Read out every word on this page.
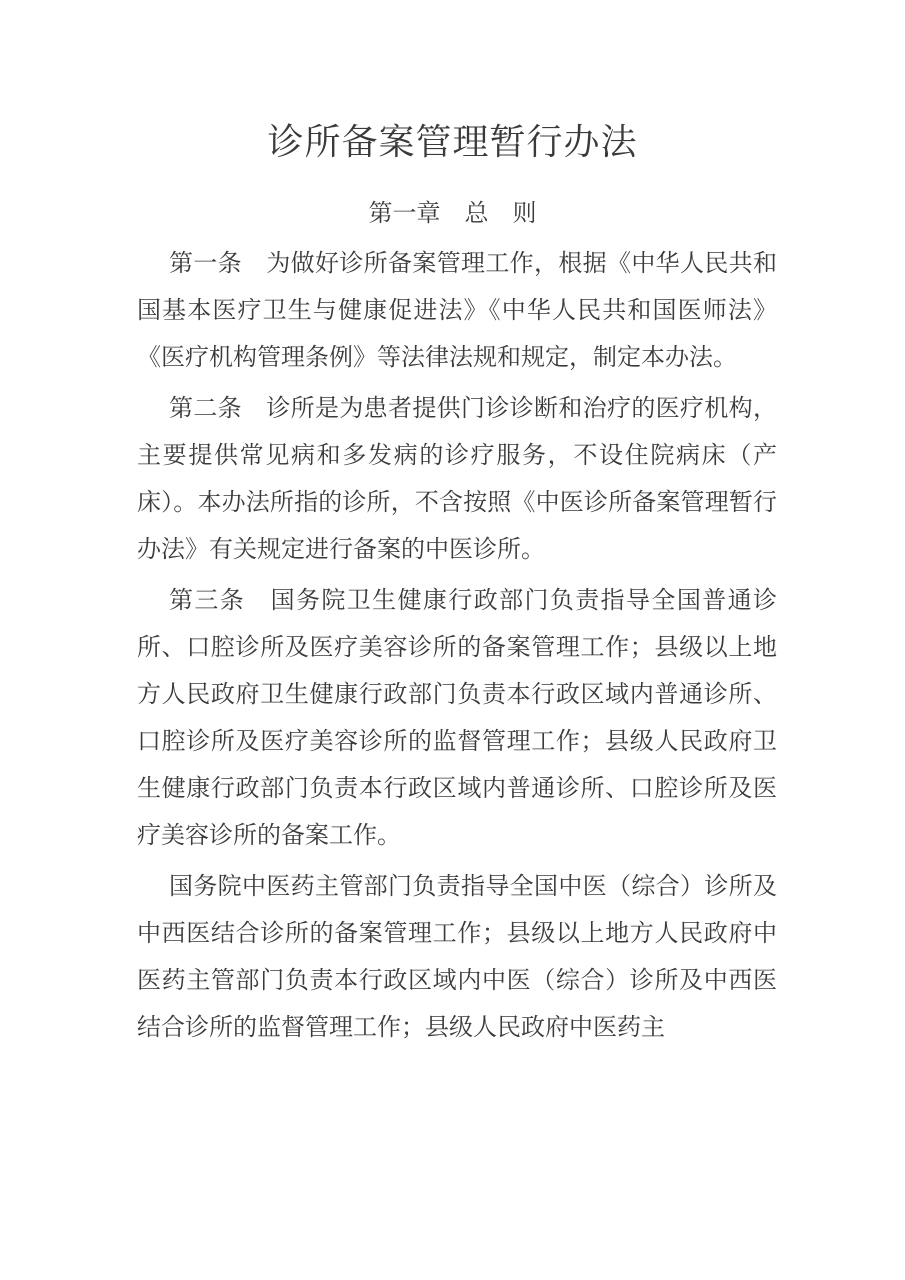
诊所备案管理暂行办法
第一章　总　则

第一条　为做好诊所备案管理工作，根据《中华人民共和国基本医疗卫生与健康促进法》《中华人民共和国医师法》《医疗机构管理条例》等法律法规和规定，制定本办法。

第二条　诊所是为患者提供门诊诊断和治疗的医疗机构，主要提供常见病和多发病的诊疗服务，不设住院病床（产床）。本办法所指的诊所，不含按照《中医诊所备案管理暂行办法》有关规定进行备案的中医诊所。

第三条　国务院卫生健康行政部门负责指导全国普通诊所、口腔诊所及医疗美容诊所的备案管理工作；县级以上地方人民政府卫生健康行政部门负责本行政区域内普通诊所、口腔诊所及医疗美容诊所的监督管理工作；县级人民政府卫生健康行政部门负责本行政区域内普通诊所、口腔诊所及医疗美容诊所的备案工作。

国务院中医药主管部门负责指导全国中医（综合）诊所及中西医结合诊所的备案管理工作；县级以上地方人民政府中医药主管部门负责本行政区域内中医（综合）诊所及中西医结合诊所的监督管理工作；县级人民政府中医药主
